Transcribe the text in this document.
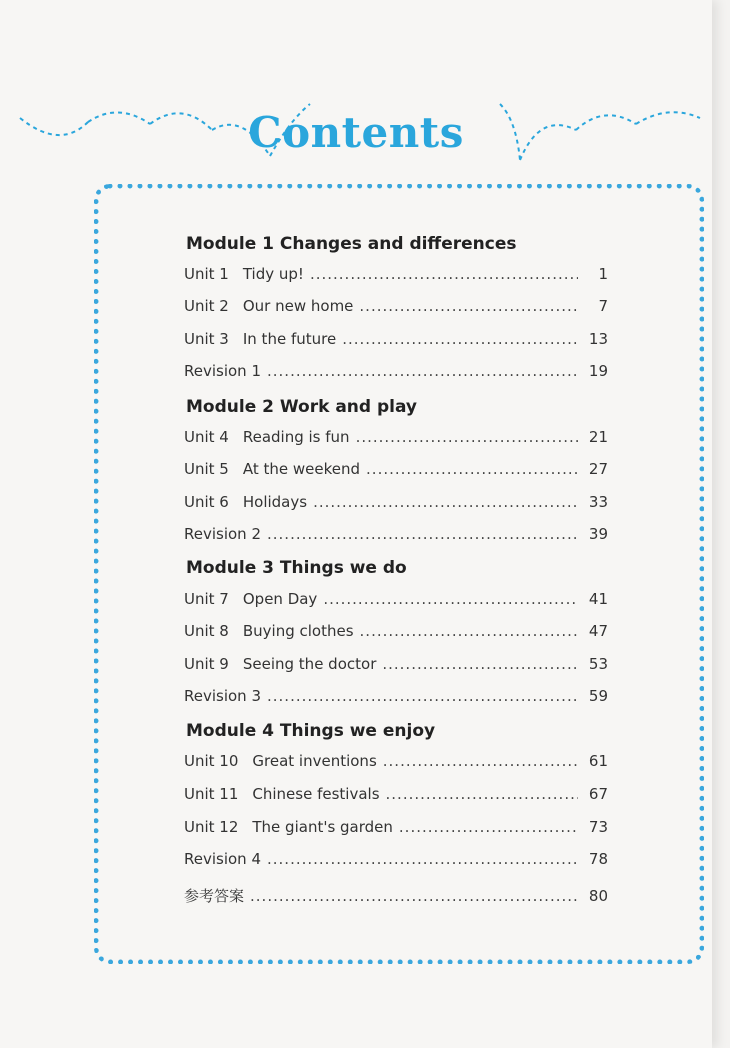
Contents
Module 1 Changes and differences
Module 2 Work and play
Module 3 Things we do
Module 4 Things we enjoy
Unit 1 Tidy up! .....	1
Unit 2 Our new home .....	7
Unit 3 In the future .....	13
Revision 1 .....	19
Unit 4 Reading is fun .....	21
Unit 5 At the weekend .....	27
Unit 6 Holidays .....	33
Revision 2 .....	39
Unit 7 Open Day .....	41
Unit 8 Buying clothes .....	47
Unit 9 Seeing the doctor .....	53
Revision 3 .....	59
Unit 10 Great inventions .....	61
Unit 11 Chinese festivals .....	67
Unit 12 The giant's garden .....	73
Revision 4 .....	78
参考答案 .....	80
